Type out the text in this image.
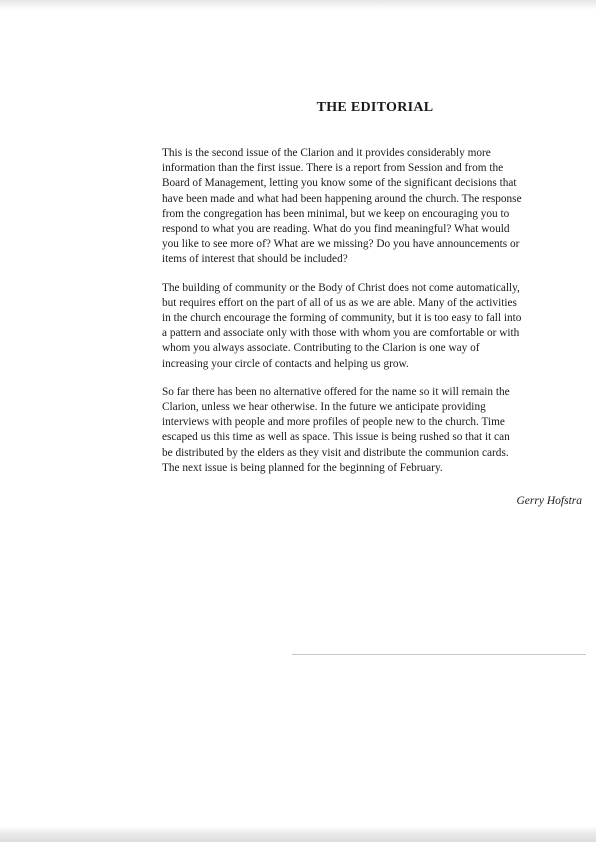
THE EDITORIAL

This is the second issue of the Clarion and it provides considerably more
information than the first issue. There is a report from Session and from the
Board of Management, letting you know some of the significant decisions that
have been made and what had been happening around the church. The response
from the congregation has been minimal, but we keep on encouraging you to
respond to what you are reading. What do you find meaningful? What would
you like to see more of? What are we missing? Do you have announcements or
items of interest that should be included?

The building of community or the Body of Christ does not come automatically,
but requires effort on the part of all of us as we are able. Many of the activities
in the church encourage the forming of community, but it is too easy to fall into
a pattern and associate only with those with whom you are comfortable or with
whom you always associate. Contributing to the Clarion is one way of
increasing your circle of contacts and helping us grow.

So far there has been no alternative offered for the name so it will remain the
Clarion, unless we hear otherwise. In the future we anticipate providing
interviews with people and more profiles of people new to the church. Time
escaped us this time as well as space. This issue is being rushed so that it can
be distributed by the elders as they visit and distribute the communion cards.
The next issue is being planned for the beginning of February.

Gerry Hofstra
